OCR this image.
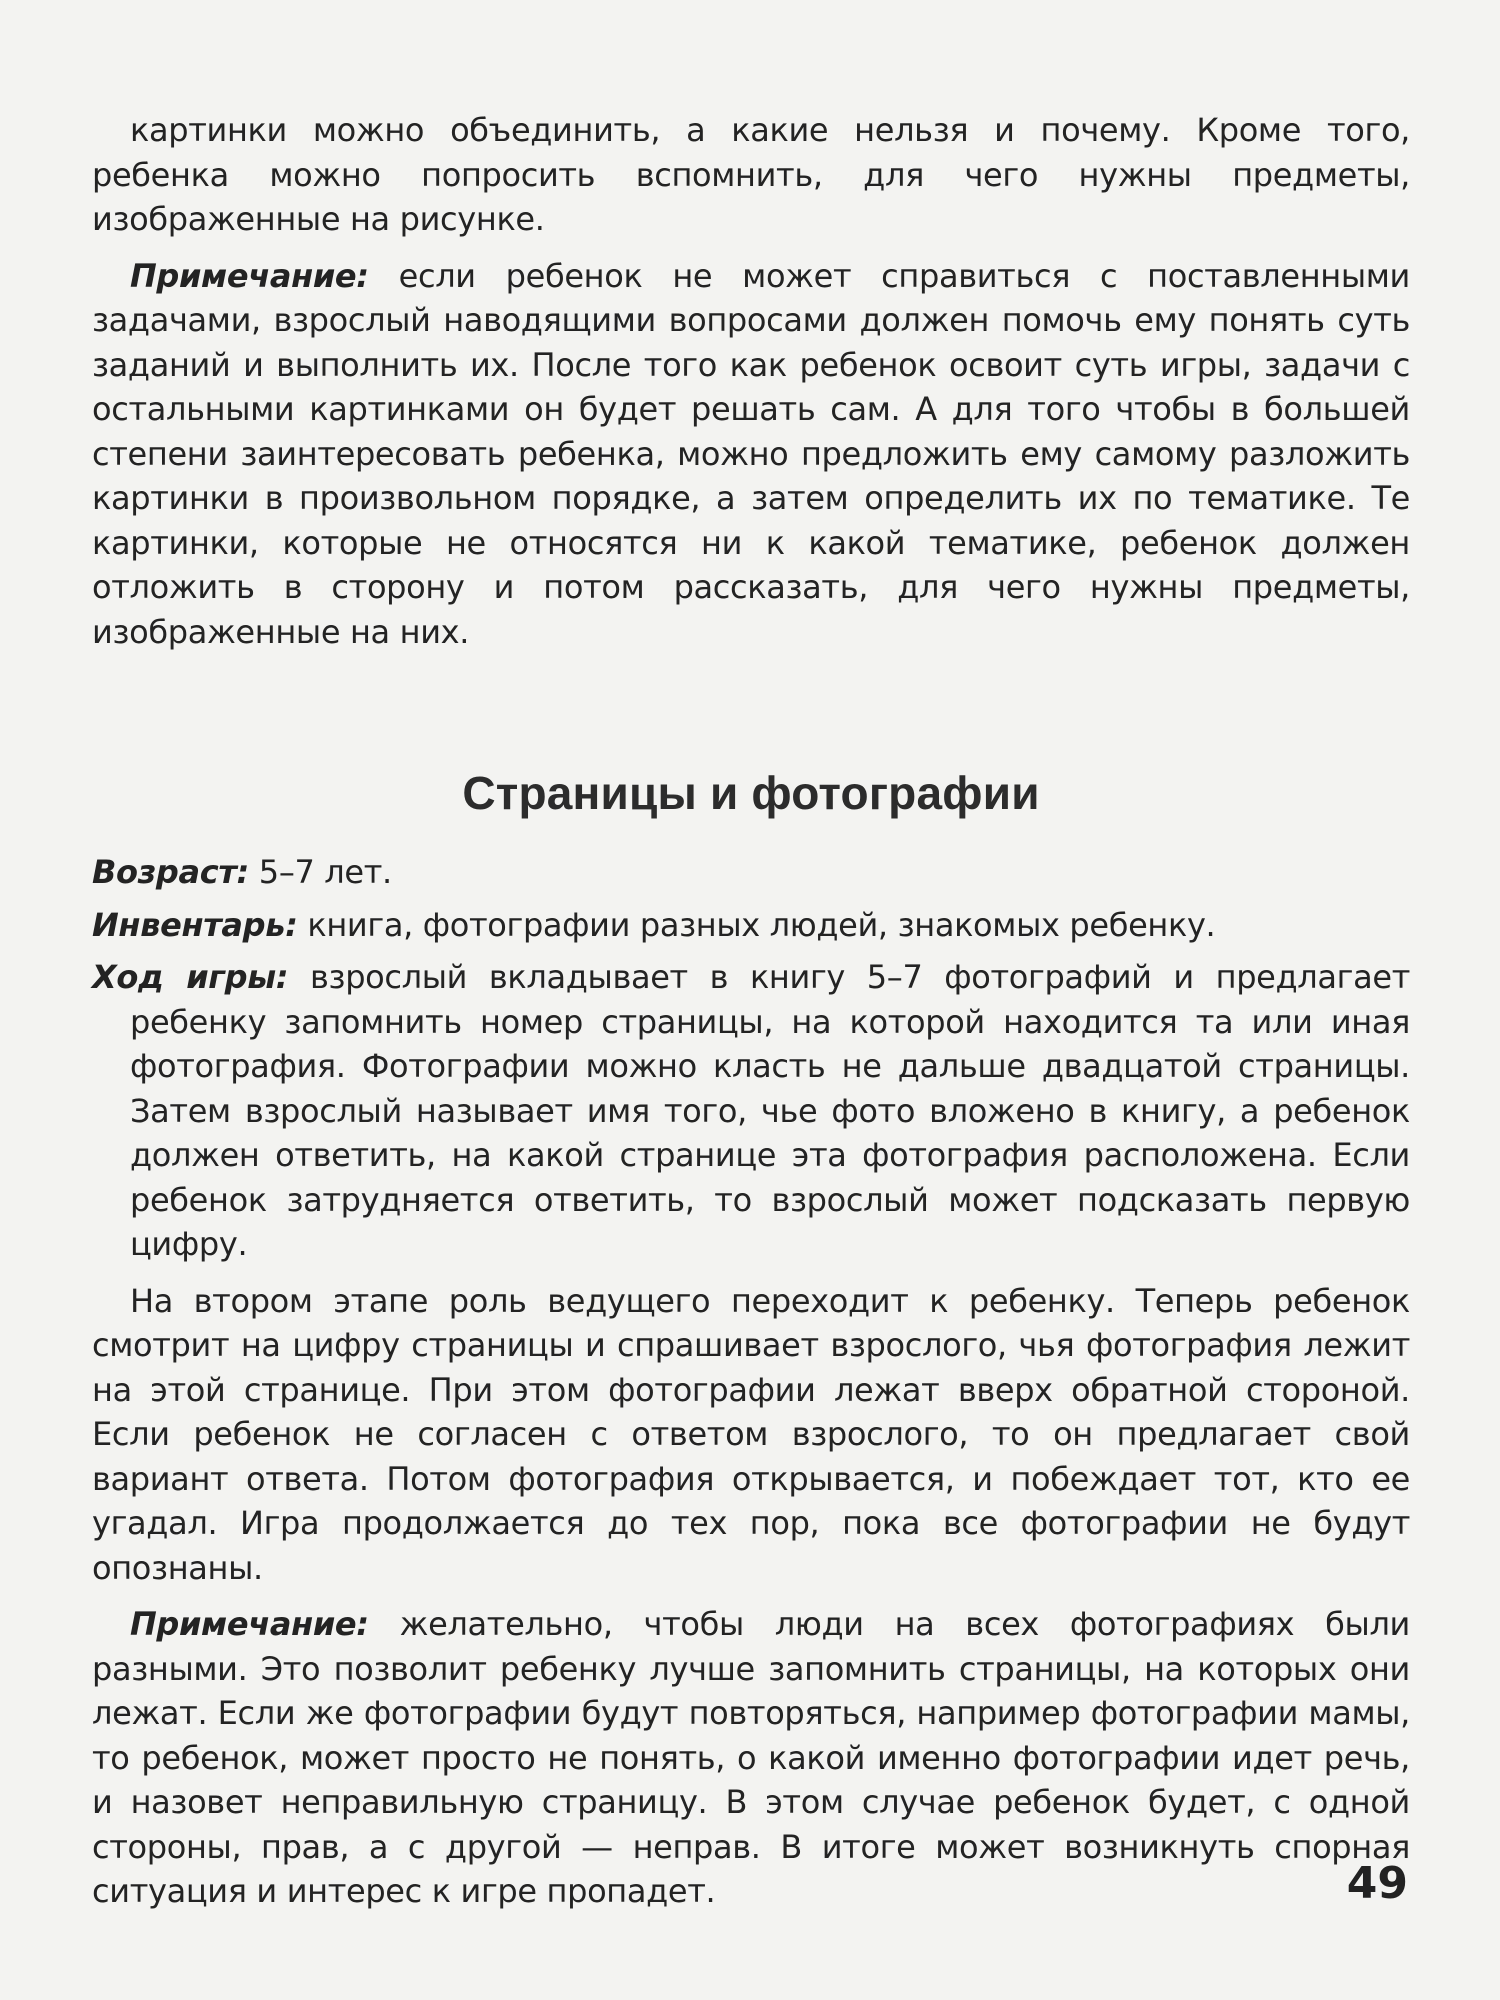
картинки можно объединить, а какие нельзя и почему. Кроме того, ребенка можно попросить вспомнить, для чего нужны предметы, изображенные на рисунке.

Примечание: если ребенок не может справиться с поставленными задачами, взрослый наводящими вопросами должен помочь ему понять суть заданий и выполнить их. После того как ребенок освоит суть игры, задачи с остальными картинками он будет решать сам. А для того чтобы в большей степени заинтересовать ребенка, можно предложить ему самому разложить картинки в произвольном порядке, а затем определить их по тематике. Те картинки, которые не относятся ни к какой тематике, ребенок должен отложить в сторону и потом рассказать, для чего нужны предметы, изображенные на них.

Страницы и фотографии

Возраст: 5–7 лет.

Инвентарь: книга, фотографии разных людей, знакомых ребенку.

Ход игры: взрослый вкладывает в книгу 5–7 фотографий и предлагает ребенку запомнить номер страницы, на которой находится та или иная фотография. Фотографии можно класть не дальше двадцатой страницы. Затем взрослый называет имя того, чье фото вложено в книгу, а ребенок должен ответить, на какой странице эта фотография расположена. Если ребенок затрудняется ответить, то взрослый может подсказать первую цифру.

На втором этапе роль ведущего переходит к ребенку. Теперь ребенок смотрит на цифру страницы и спрашивает взрослого, чья фотография лежит на этой странице. При этом фотографии лежат вверх обратной стороной. Если ребенок не согласен с ответом взрослого, то он предлагает свой вариант ответа. Потом фотография открывается, и побеждает тот, кто ее угадал. Игра продолжается до тех пор, пока все фотографии не будут опознаны.

Примечание: желательно, чтобы люди на всех фотографиях были разными. Это позволит ребенку лучше запомнить страницы, на которых они лежат. Если же фотографии будут повторяться, например фотографии мамы, то ребенок, может просто не понять, о какой именно фотографии идет речь, и назовет неправильную страницу. В этом случае ребенок будет, с одной стороны, прав, а с другой — неправ. В итоге может возникнуть спорная ситуация и интерес к игре пропадет.	49
